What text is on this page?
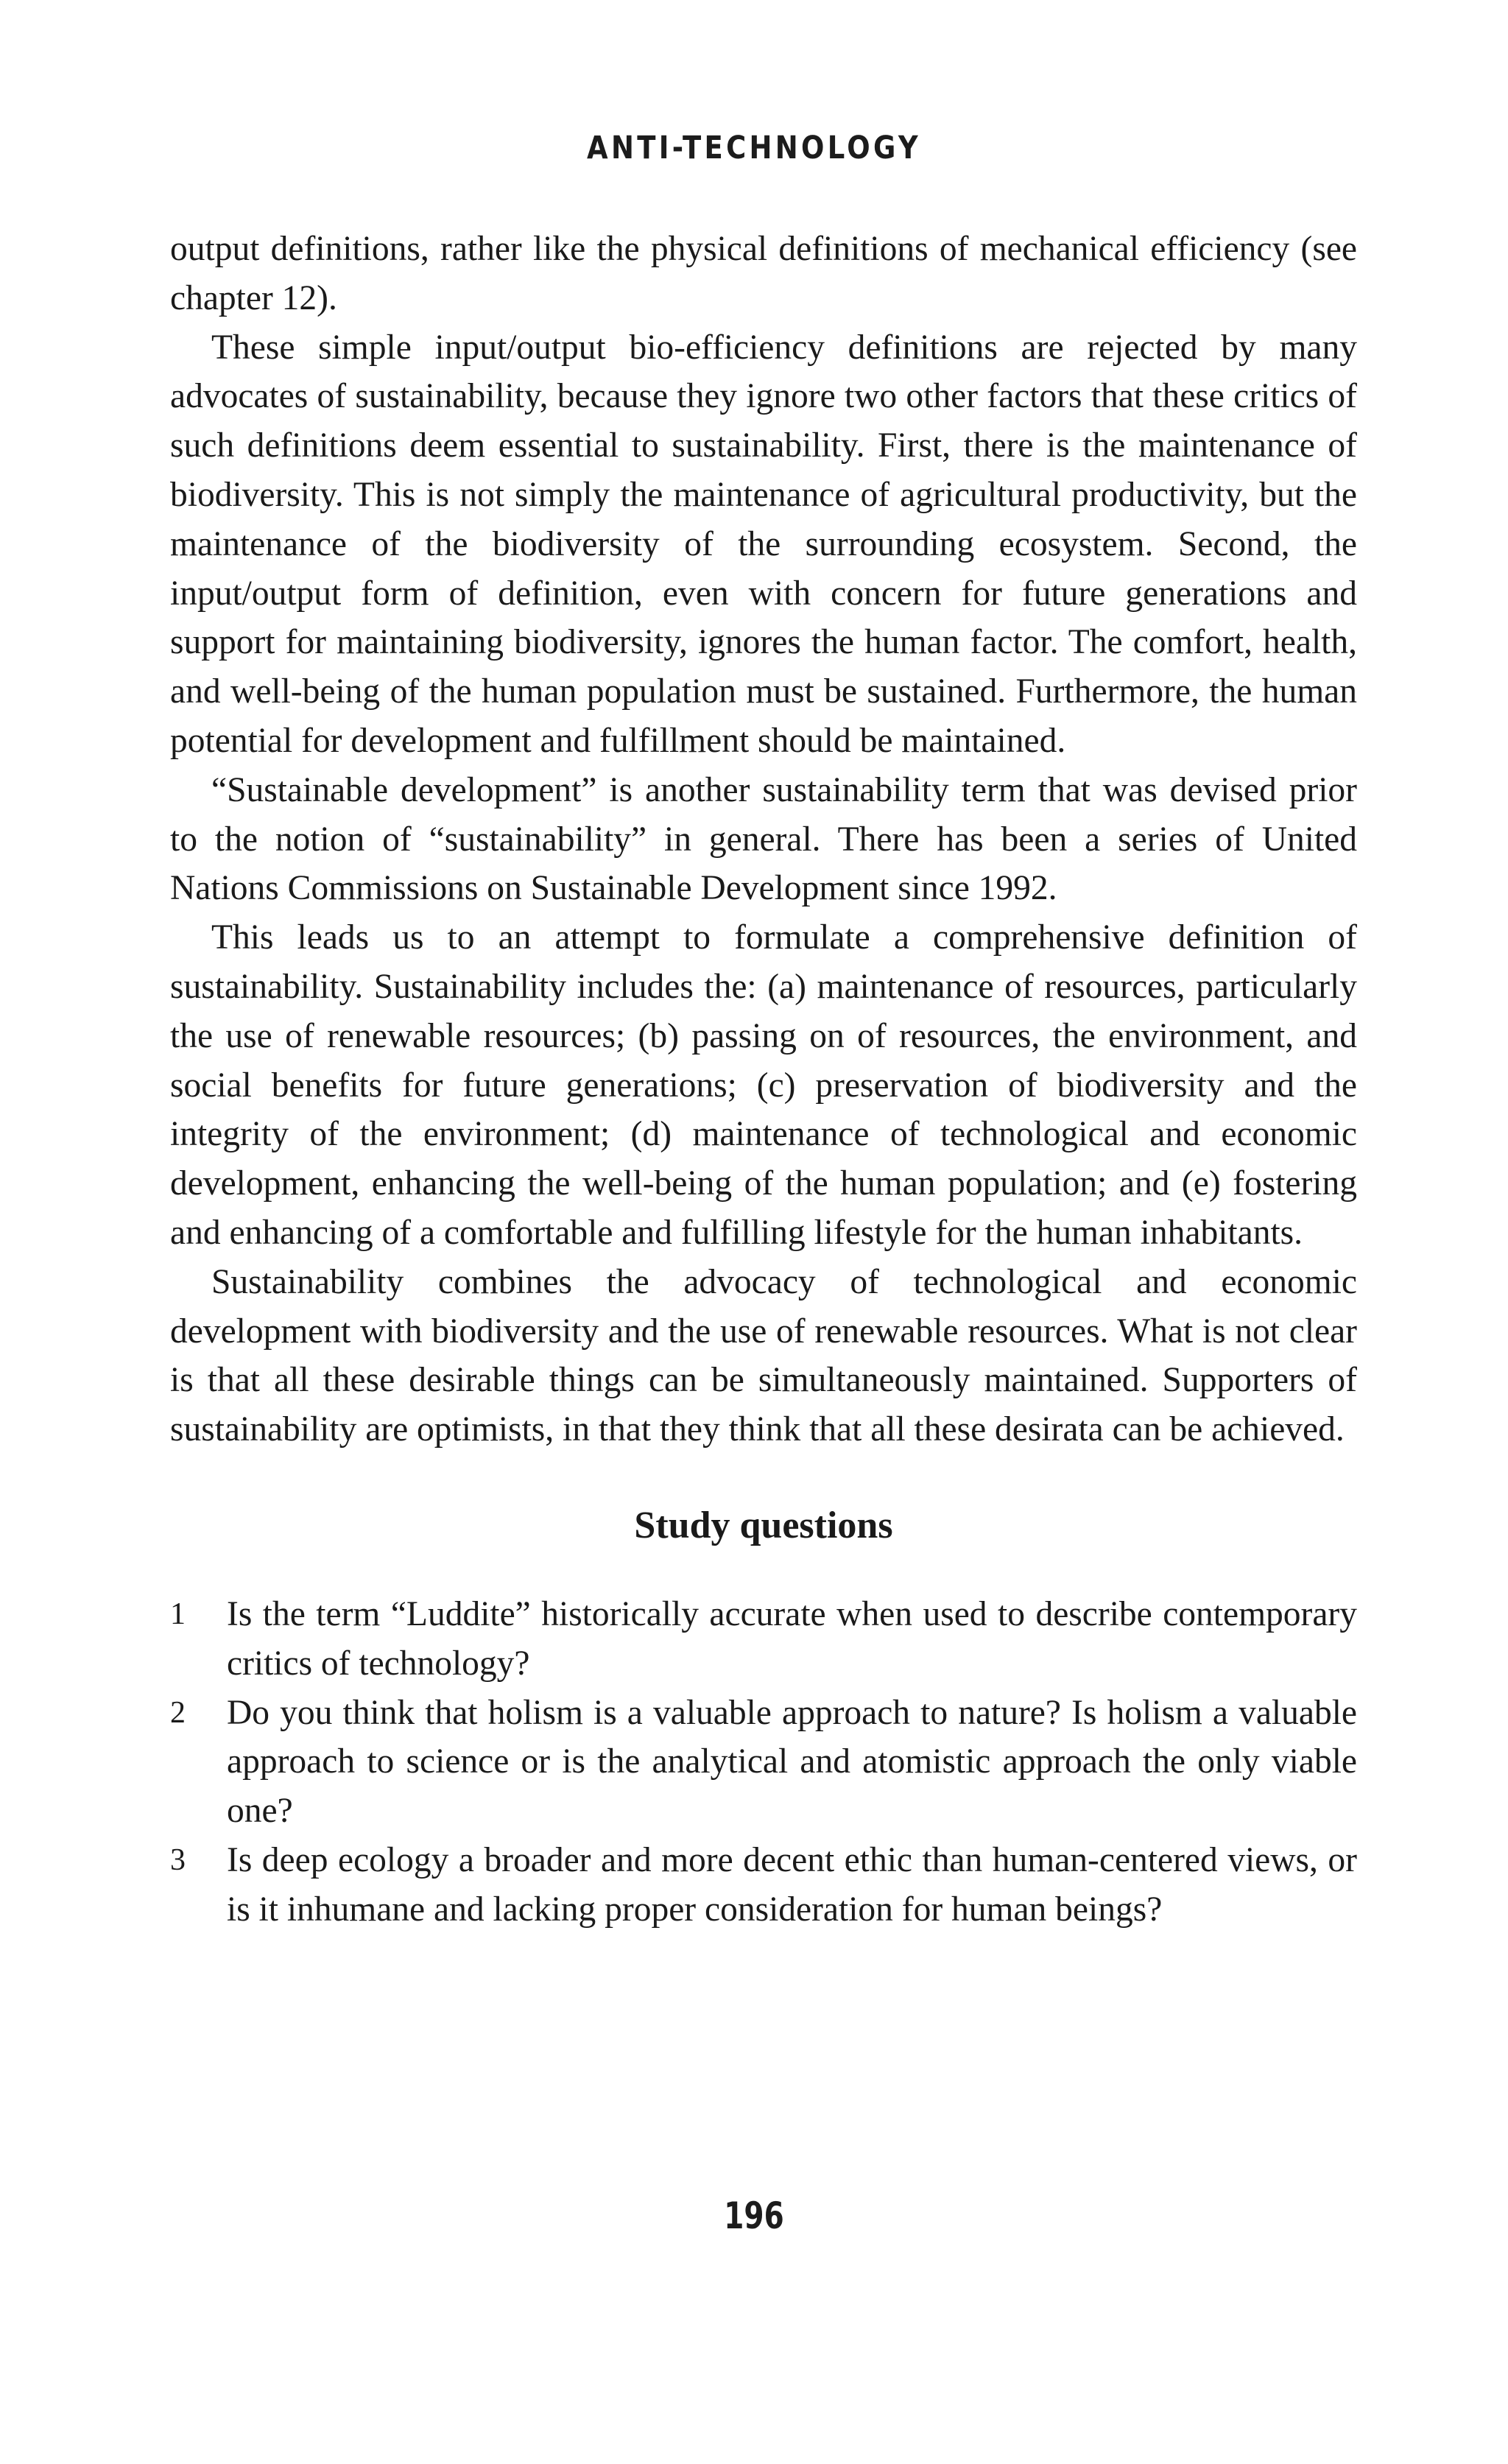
ANTI-TECHNOLOGY

output definitions, rather like the physical definitions of mechanical efficiency (see chapter 12).

These simple input/output bio-efficiency definitions are rejected by many advocates of sustainability, because they ignore two other factors that these critics of such definitions deem essential to sustainability. First, there is the maintenance of biodiversity. This is not simply the maintenance of agricultural productivity, but the maintenance of the biodiversity of the surrounding ecosystem. Second, the input/output form of definition, even with concern for future generations and support for maintaining biodiversity, ignores the human factor. The comfort, health, and well-being of the human population must be sustained. Furthermore, the human potential for development and fulfillment should be maintained.

“Sustainable development” is another sustainability term that was devised prior to the notion of “sustainability” in general. There has been a series of United Nations Commissions on Sustainable Development since 1992.

This leads us to an attempt to formulate a comprehensive definition of sustainability. Sustainability includes the: (a) maintenance of resources, particularly the use of renewable resources; (b) passing on of resources, the environment, and social benefits for future generations; (c) preservation of biodiversity and the integrity of the environment; (d) maintenance of technological and economic development, enhancing the well-being of the human population; and (e) fostering and enhancing of a comfortable and fulfilling lifestyle for the human inhabitants.

Sustainability combines the advocacy of technological and economic development with biodiversity and the use of renewable resources. What is not clear is that all these desirable things can be simultaneously maintained. Supporters of sustainability are optimists, in that they think that all these desirata can be achieved.

Study questions
1	Is the term “Luddite” historically accurate when used to describe contemporary critics of technology?
2	Do you think that holism is a valuable approach to nature? Is holism a valuable approach to science or is the analytical and atomistic approach the only viable one?
3	Is deep ecology a broader and more decent ethic than human-centered views, or is it inhumane and lacking proper consideration for human beings?
196
